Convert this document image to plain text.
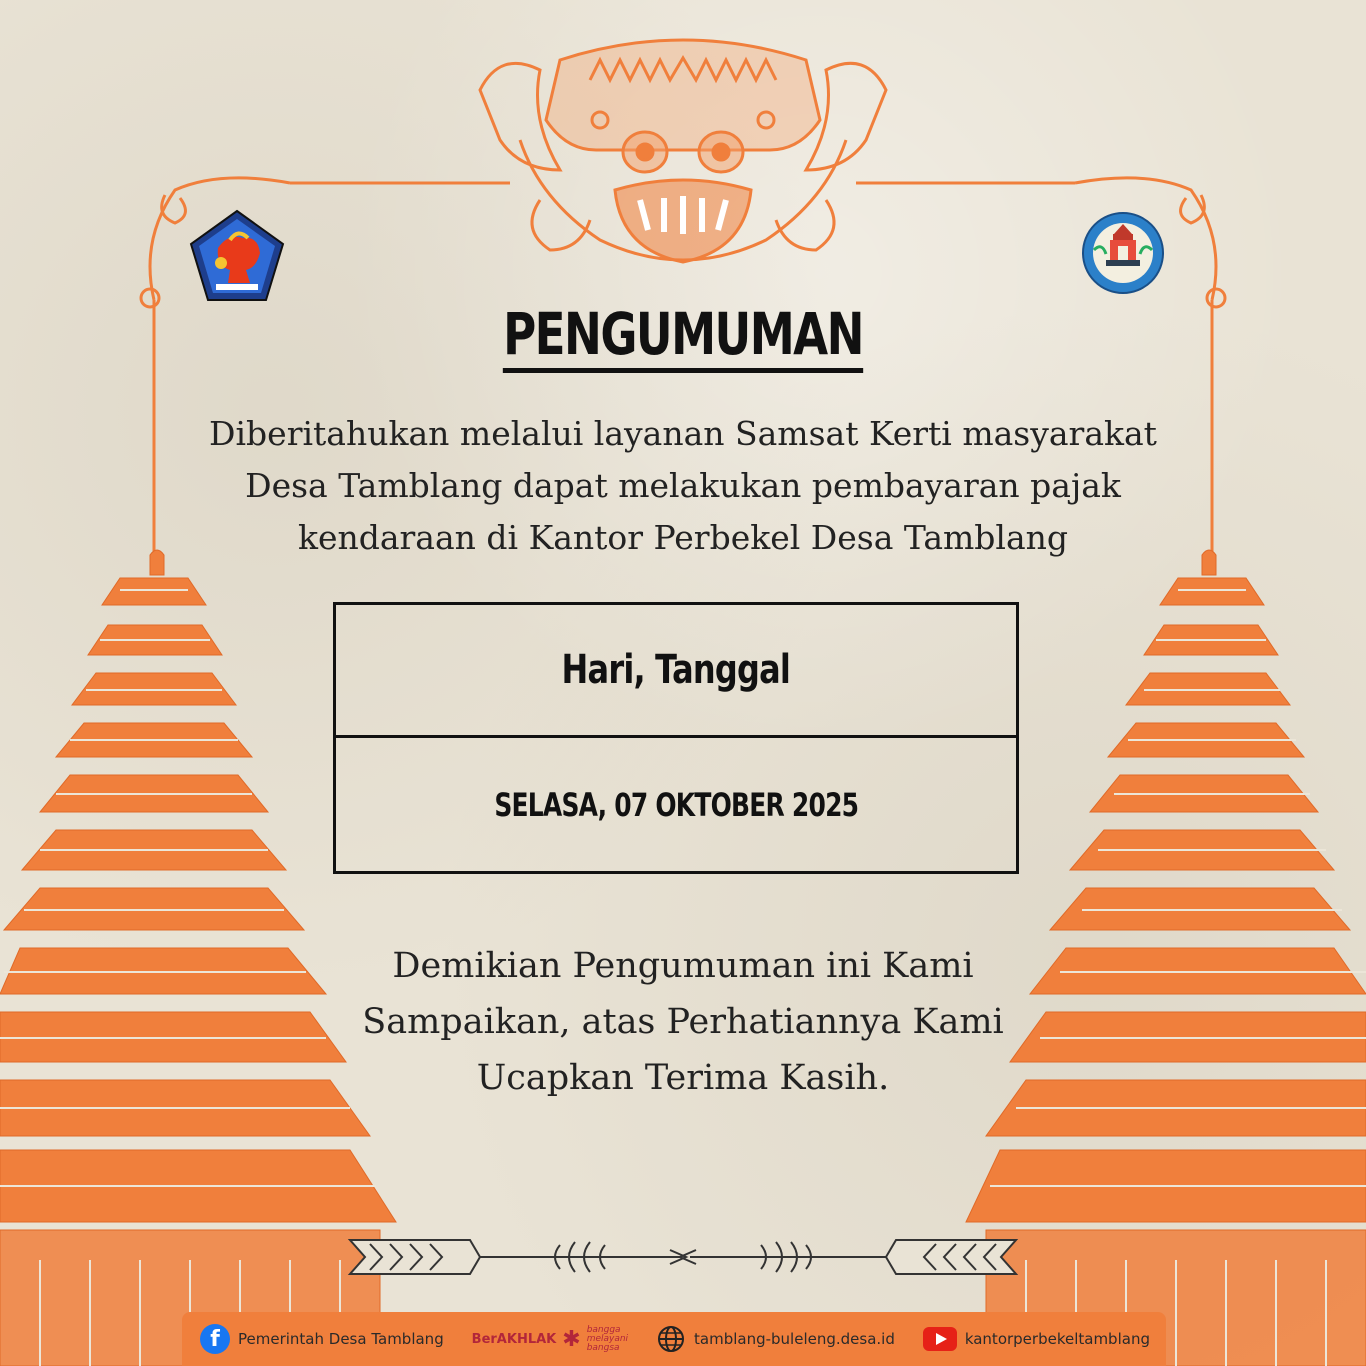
PENGUMUMAN
Diberitahukan melalui layanan Samsat Kerti masyarakat
Desa Tamblang dapat melakukan pembayaran pajak
kendaraan di Kantor Perbekel Desa Tamblang
Hari, Tanggal
SELASA, 07 OKTOBER 2025
Demikian Pengumuman ini Kami
Sampaikan, atas Perhatiannya Kami
Ucapkan Terima Kasih.
f	Pemerintah Desa Tamblang BerAKHLAK ✱ bangga
melayani
bangsa	tamblang-buleleng.desa.id	kantorperbekeltamblang
